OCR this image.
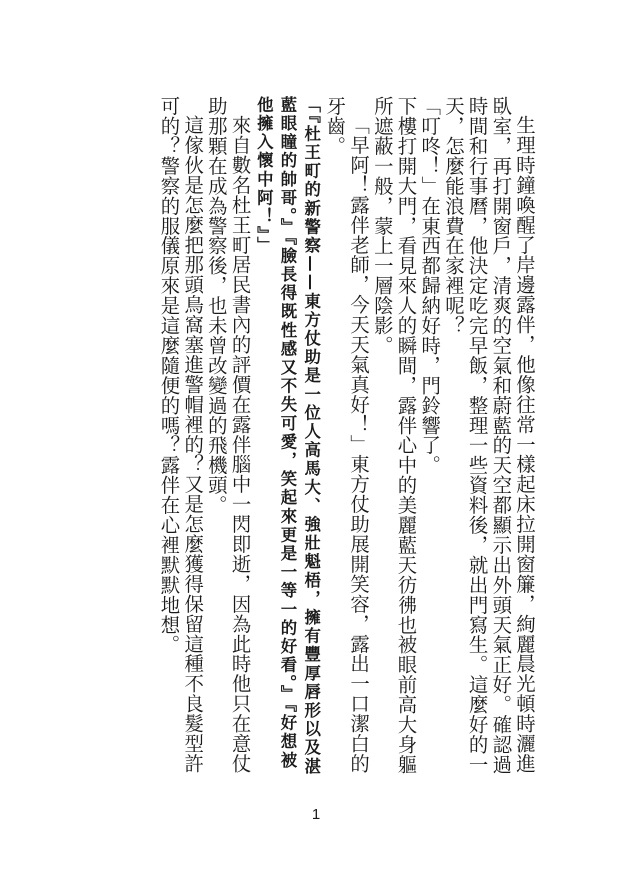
生理時鐘喚醒了岸邊露伴，他像往常一樣起床拉開窗簾，絢麗晨光頓時灑進臥室，再打開窗戶，清爽的空氣和蔚藍的天空都顯示出外頭天氣正好。確認過時間和行事曆，他決定吃完早飯，整理一些資料後，就出門寫生。這麼好的一天，怎麼能浪費在家裡呢？

「叮咚！」在東西都歸納好時，門鈴響了。

下樓打開大門，看見來人的瞬間，露伴心中的美麗藍天彷彿也被眼前高大身軀所遮蔽一般，蒙上一層陰影。

「早阿！露伴老師，今天天氣真好！」東方仗助展開笑容，露出一口潔白的牙齒。

「『杜王町的新警察——東方仗助是一位人高馬大、強壯魁梧，擁有豐厚唇形以及湛藍眼瞳的帥哥。』『臉長得既性感又不失可愛，笑起來更是一等一的好看。』『好想被他擁入懷中阿！』」

來自數名杜王町居民書內的評價在露伴腦中一閃即逝，因為此時他只在意仗助那顆在成為警察後，也未曾改變過的飛機頭。

這傢伙是怎麼把那頭鳥窩塞進警帽裡的？又是怎麼獲得保留這種不良髮型許可的？警察的服儀原來是這麼隨便的嗎？露伴在心裡默默地想。

1
